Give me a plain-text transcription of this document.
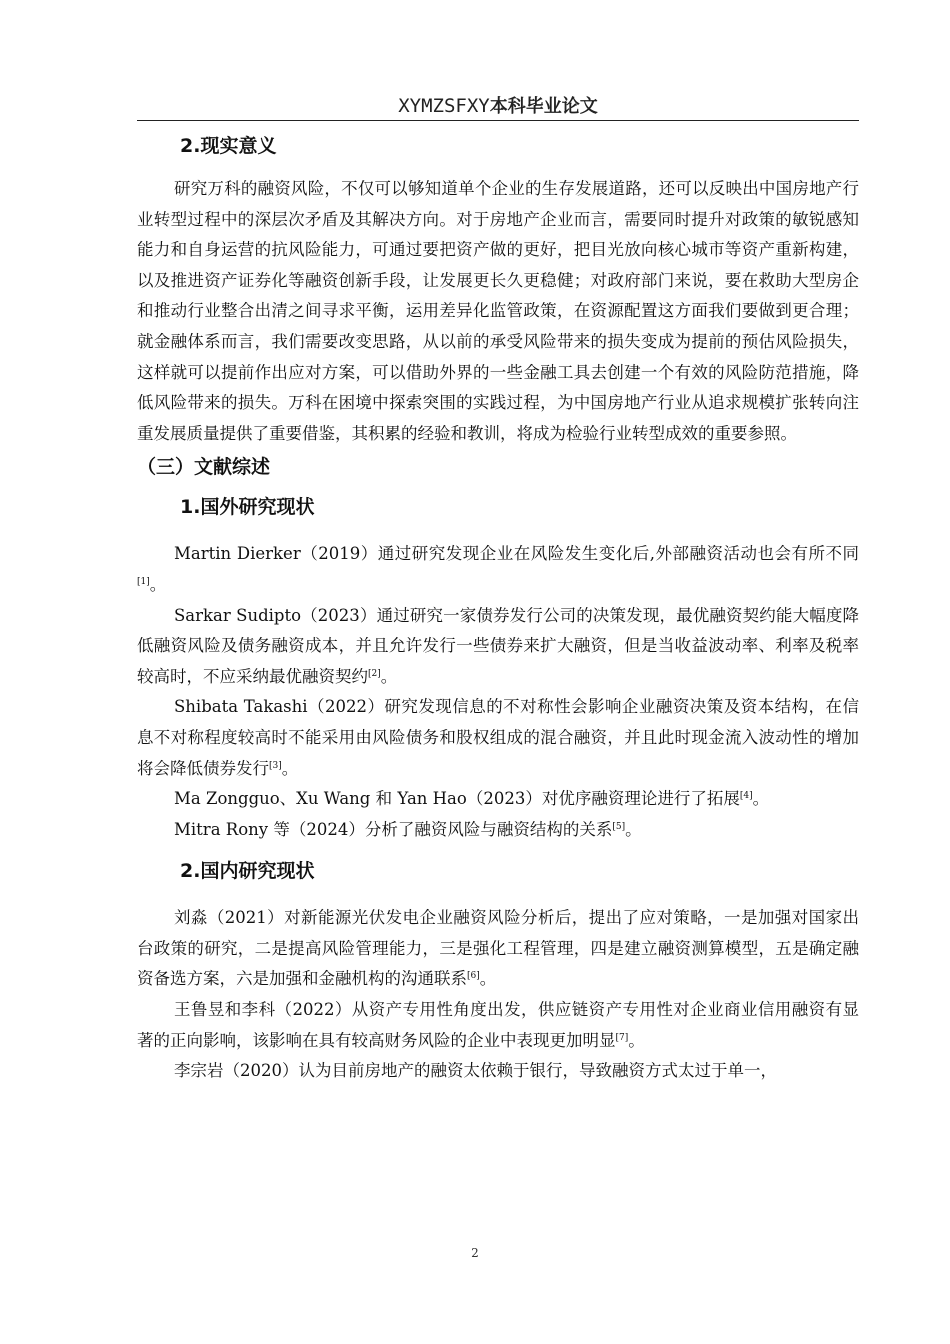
XYMZSFXY本科毕业论文
2.现实意义

研究万科的融资风险，不仅可以够知道单个企业的生存发展道路，还可以反映出中国房地产行业转型过程中的深层次矛盾及其解决方向。对于房地产企业而言，需要同时提升对政策的敏锐感知能力和自身运营的抗风险能力，可通过要把资产做的更好，把目光放向核心城市等资产重新构建，以及推进资产证券化等融资创新手段，让发展更长久更稳健；对政府部门来说，要在救助大型房企和推动行业整合出清之间寻求平衡，运用差异化监管政策，在资源配置这方面我们要做到更合理；就金融体系而言，我们需要改变思路，从以前的承受风险带来的损失变成为提前的预估风险损失，这样就可以提前作出应对方案，可以借助外界的一些金融工具去创建一个有效的风险防范措施，降低风险带来的损失。万科在困境中探索突围的实践过程，为中国房地产行业从追求规模扩张转向注重发展质量提供了重要借鉴，其积累的经验和教训，将成为检验行业转型成效的重要参照。

（三）文献综述
1.国外研究现状

Martin Dierker（2019）通过研究发现企业在风险发生变化后,外部融资活动也会有所不同[1]。

Sarkar Sudipto（2023）通过研究一家债券发行公司的决策发现，最优融资契约能大幅度降低融资风险及债务融资成本，并且允许发行一些债券来扩大融资，但是当收益波动率、利率及税率较高时，不应采纳最优融资契约[2]。

Shibata Takashi（2022）研究发现信息的不对称性会影响企业融资决策及资本结构，在信息不对称程度较高时不能采用由风险债务和股权组成的混合融资，并且此时现金流入波动性的增加将会降低债券发行[3]。

Ma Zongguo、Xu Wang 和 Yan Hao（2023）对优序融资理论进行了拓展[4]。

Mitra Rony 等（2024）分析了融资风险与融资结构的关系[5]。

2.国内研究现状

刘淼（2021）对新能源光伏发电企业融资风险分析后，提出了应对策略，一是加强对国家出台政策的研究，二是提高风险管理能力，三是强化工程管理，四是建立融资测算模型，五是确定融资备选方案，六是加强和金融机构的沟通联系[6]。

王鲁昱和李科（2022）从资产专用性角度出发，供应链资产专用性对企业商业信用融资有显著的正向影响，该影响在具有较高财务风险的企业中表现更加明显[7]。

李宗岩（2020）认为目前房地产的融资太依赖于银行，导致融资方式太过于单一，

2
